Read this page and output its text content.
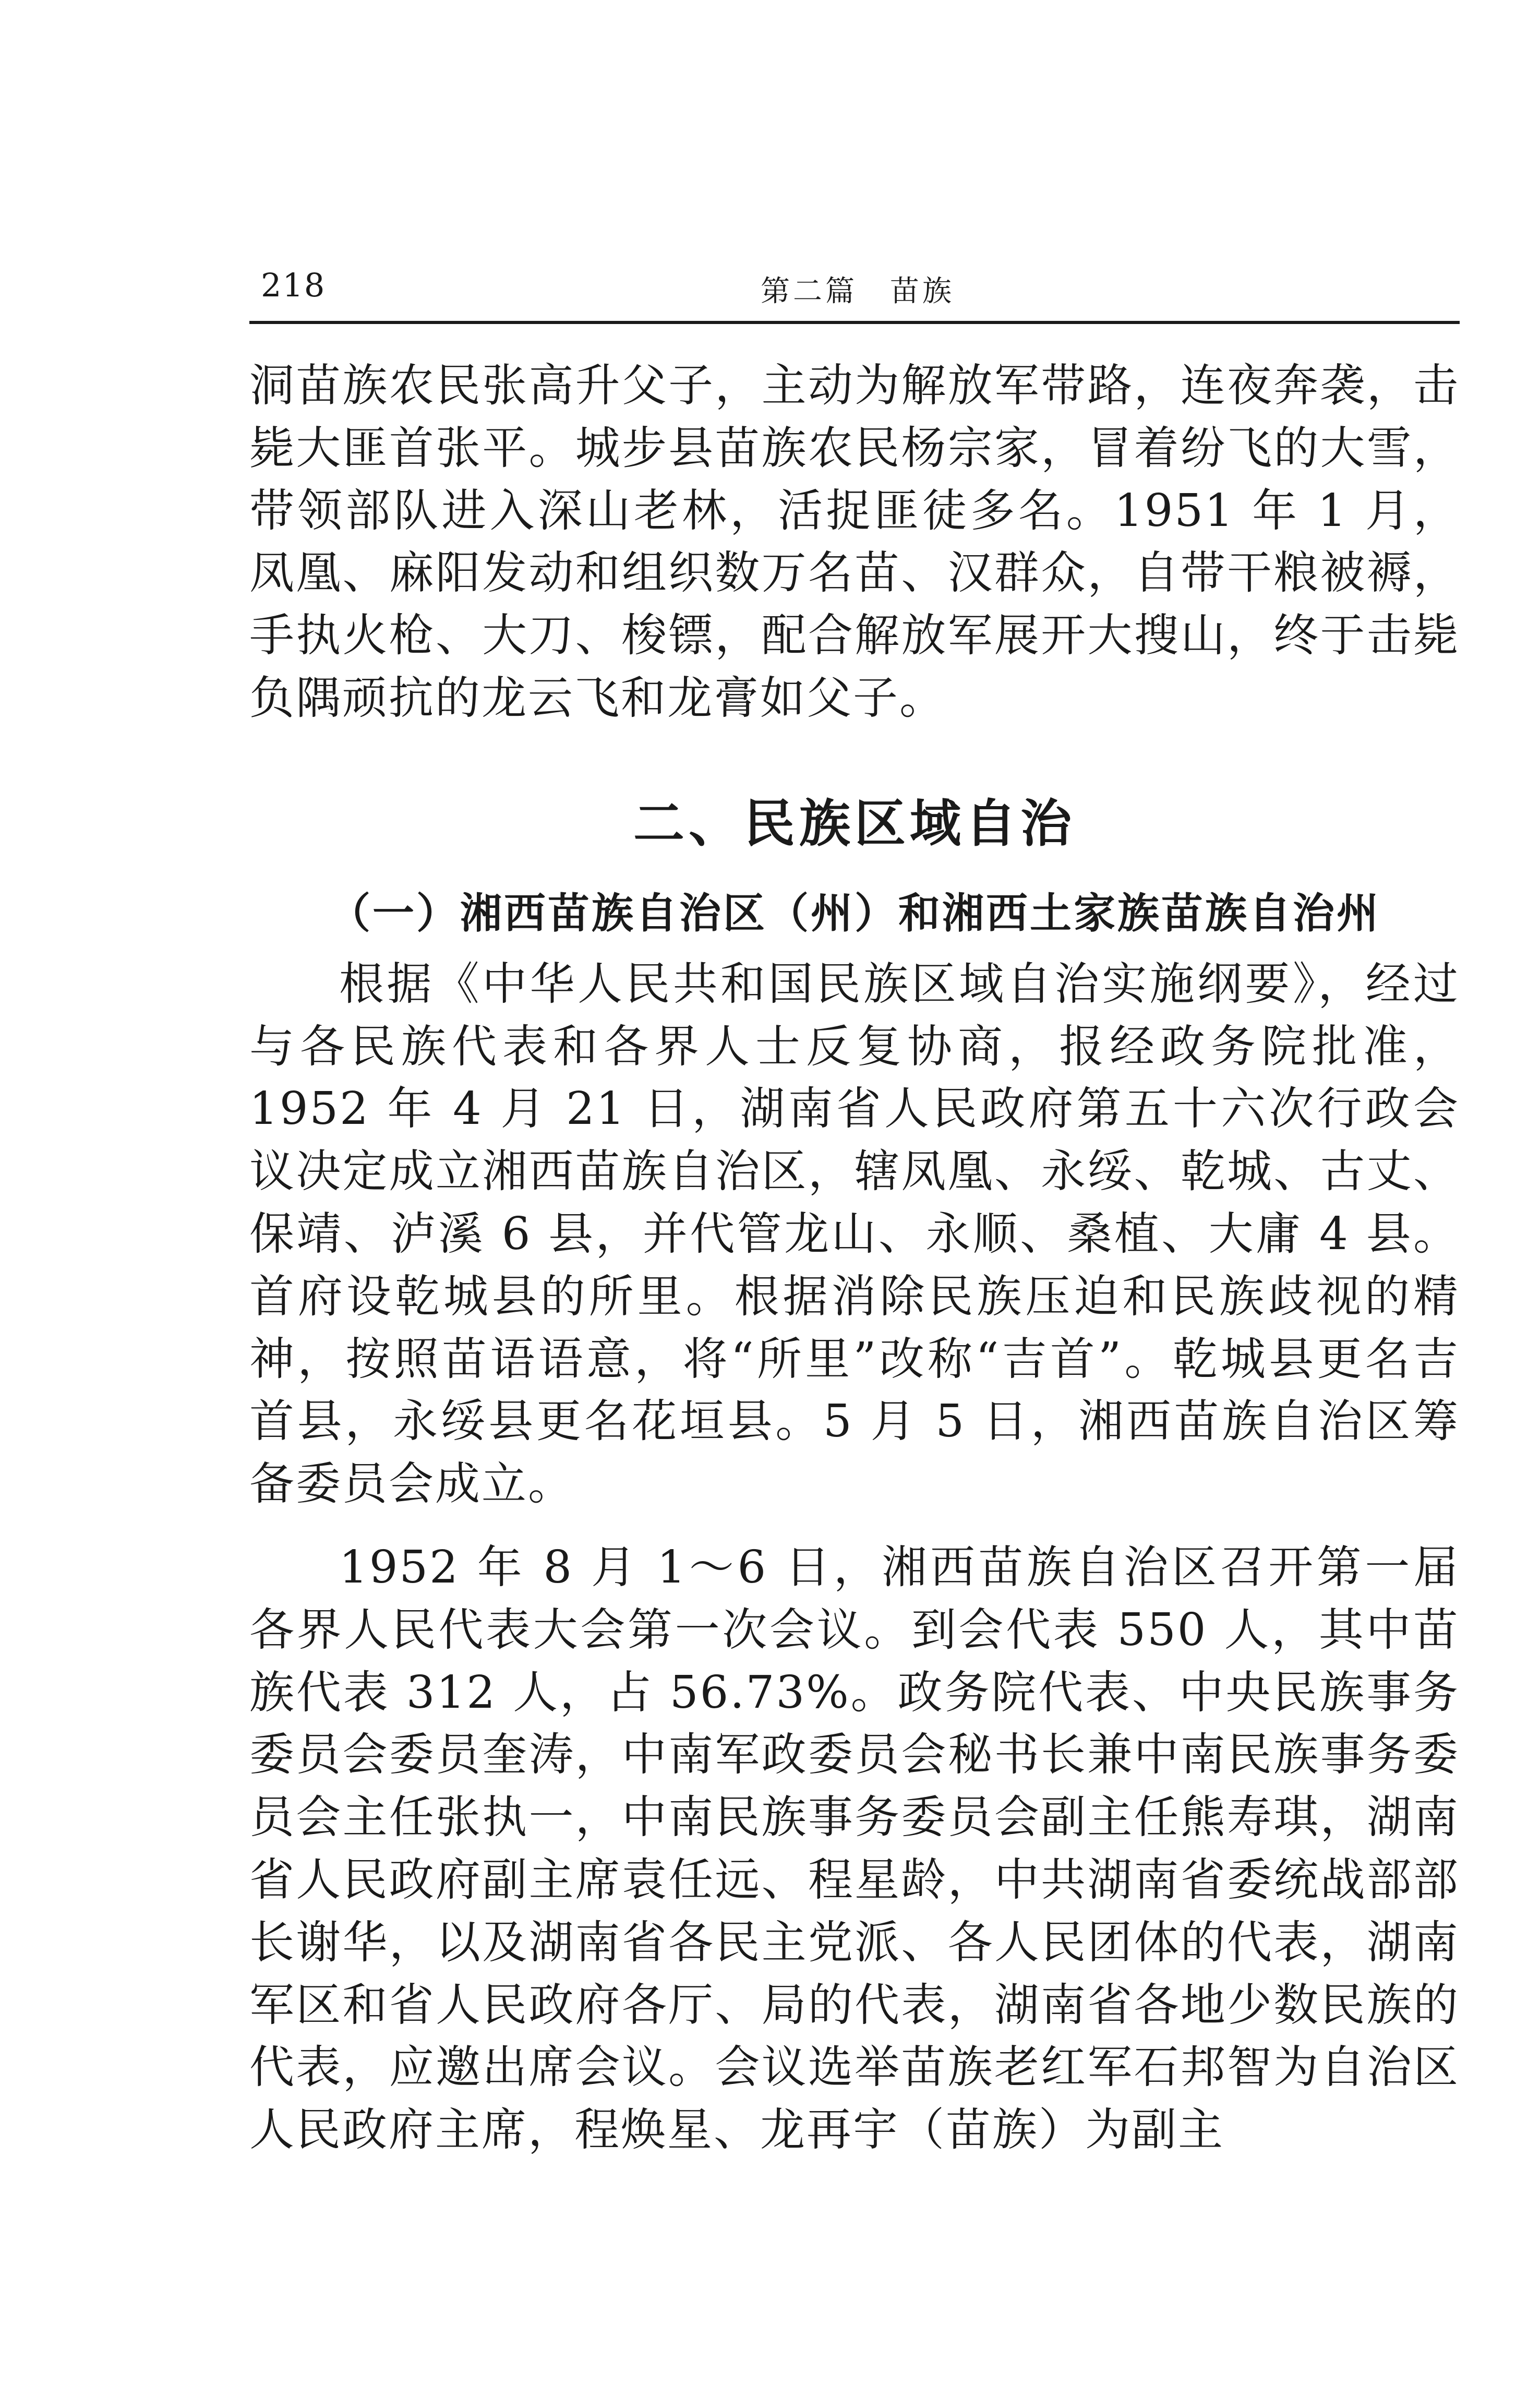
218	第二篇　苗族

洞苗族农民张高升父子，主动为解放军带路，连夜奔袭，击毙大匪首张平。城步县苗族农民杨宗家，冒着纷飞的大雪，带领部队进入深山老林，活捉匪徒多名。1951 年 1 月，凤凰、麻阳发动和组织数万名苗、汉群众，自带干粮被褥，手执火枪、大刀、梭镖，配合解放军展开大搜山，终于击毙负隅顽抗的龙云飞和龙膏如父子。

二、民族区域自治
（一）湘西苗族自治区（州）和湘西土家族苗族自治州

根据《中华人民共和国民族区域自治实施纲要》，经过与各民族代表和各界人士反复协商，报经政务院批准，1952 年 4 月 21 日，湖南省人民政府第五十六次行政会议决定成立湘西苗族自治区，辖凤凰、永绥、乾城、古丈、保靖、泸溪 6 县，并代管龙山、永顺、桑植、大庸 4 县。首府设乾城县的所里。根据消除民族压迫和民族歧视的精神，按照苗语语意，将“所里”改称“吉首”。乾城县更名吉首县，永绥县更名花垣县。5 月 5 日，湘西苗族自治区筹备委员会成立。

1952 年 8 月 1～6 日，湘西苗族自治区召开第一届各界人民代表大会第一次会议。到会代表 550 人，其中苗族代表 312 人，占 56.73%。政务院代表、中央民族事务委员会委员奎涛，中南军政委员会秘书长兼中南民族事务委员会主任张执一，中南民族事务委员会副主任熊寿琪，湖南省人民政府副主席袁任远、程星龄，中共湖南省委统战部部长谢华，以及湖南省各民主党派、各人民团体的代表，湖南军区和省人民政府各厅、局的代表，湖南省各地少数民族的代表，应邀出席会议。会议选举苗族老红军石邦智为自治区人民政府主席，程焕星、龙再宇（苗族）为副主
